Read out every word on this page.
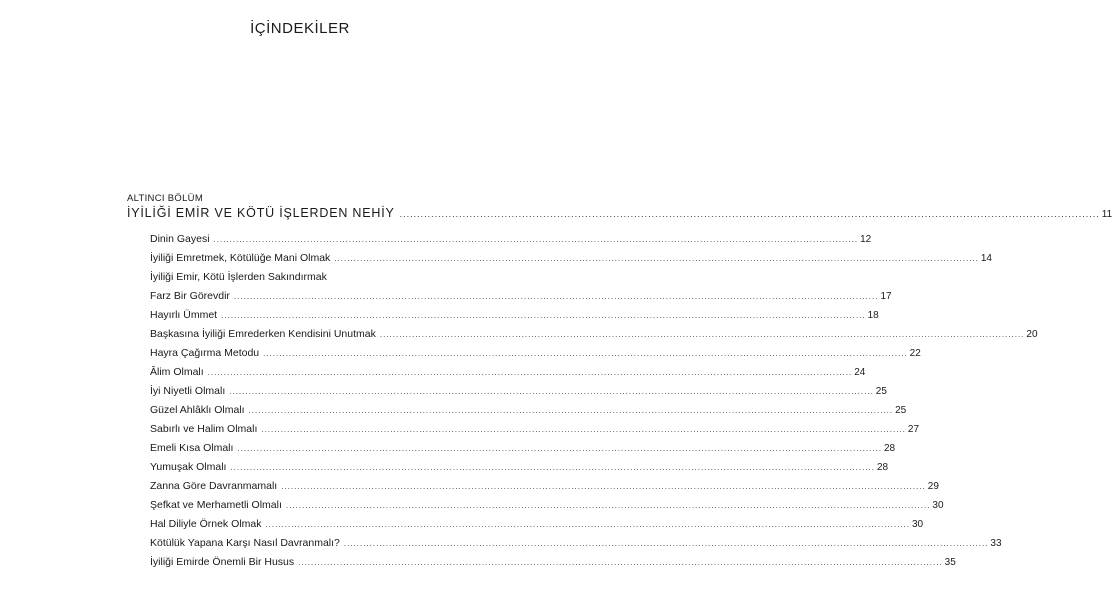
İÇİNDEKİLER
ALTINCI BÖLÜM
İYİLİĞİ EMİR VE KÖTÜ İŞLERDEN NEHİY ........................................................................................................................................................................................................ 11
Dinin Gayesi ........................................................................................................................................................................................................ 12
İyiliği Emretmek, Kötülüğe Mani Olmak ........................................................................................................................................................................................................ 14
İyiliği Emir, Kötü İşlerden Sakındırmak
Farz Bir Görevdir ........................................................................................................................................................................................................ 17
Hayırlı Ümmet ........................................................................................................................................................................................................ 18
Başkasına İyiliği Emrederken Kendisini Unutmak ........................................................................................................................................................................................................ 20
Hayra Çağırma Metodu ........................................................................................................................................................................................................ 22
Âlim Olmalı ........................................................................................................................................................................................................ 24
İyi Niyetli Olmalı ........................................................................................................................................................................................................ 25
Güzel Ahlâklı Olmalı ........................................................................................................................................................................................................ 25
Sabırlı ve Halim Olmalı ........................................................................................................................................................................................................ 27
Emeli Kısa Olmalı ........................................................................................................................................................................................................ 28
Yumuşak Olmalı ........................................................................................................................................................................................................ 28
Zanna Göre Davranmamalı ........................................................................................................................................................................................................ 29
Şefkat ve Merhametli Olmalı ........................................................................................................................................................................................................ 30
Hal Diliyle Örnek Olmak ........................................................................................................................................................................................................ 30
Kötülük Yapana Karşı Nasıl Davranmalı? ........................................................................................................................................................................................................ 33
İyiliği Emirde Önemli Bir Husus ........................................................................................................................................................................................................ 35
